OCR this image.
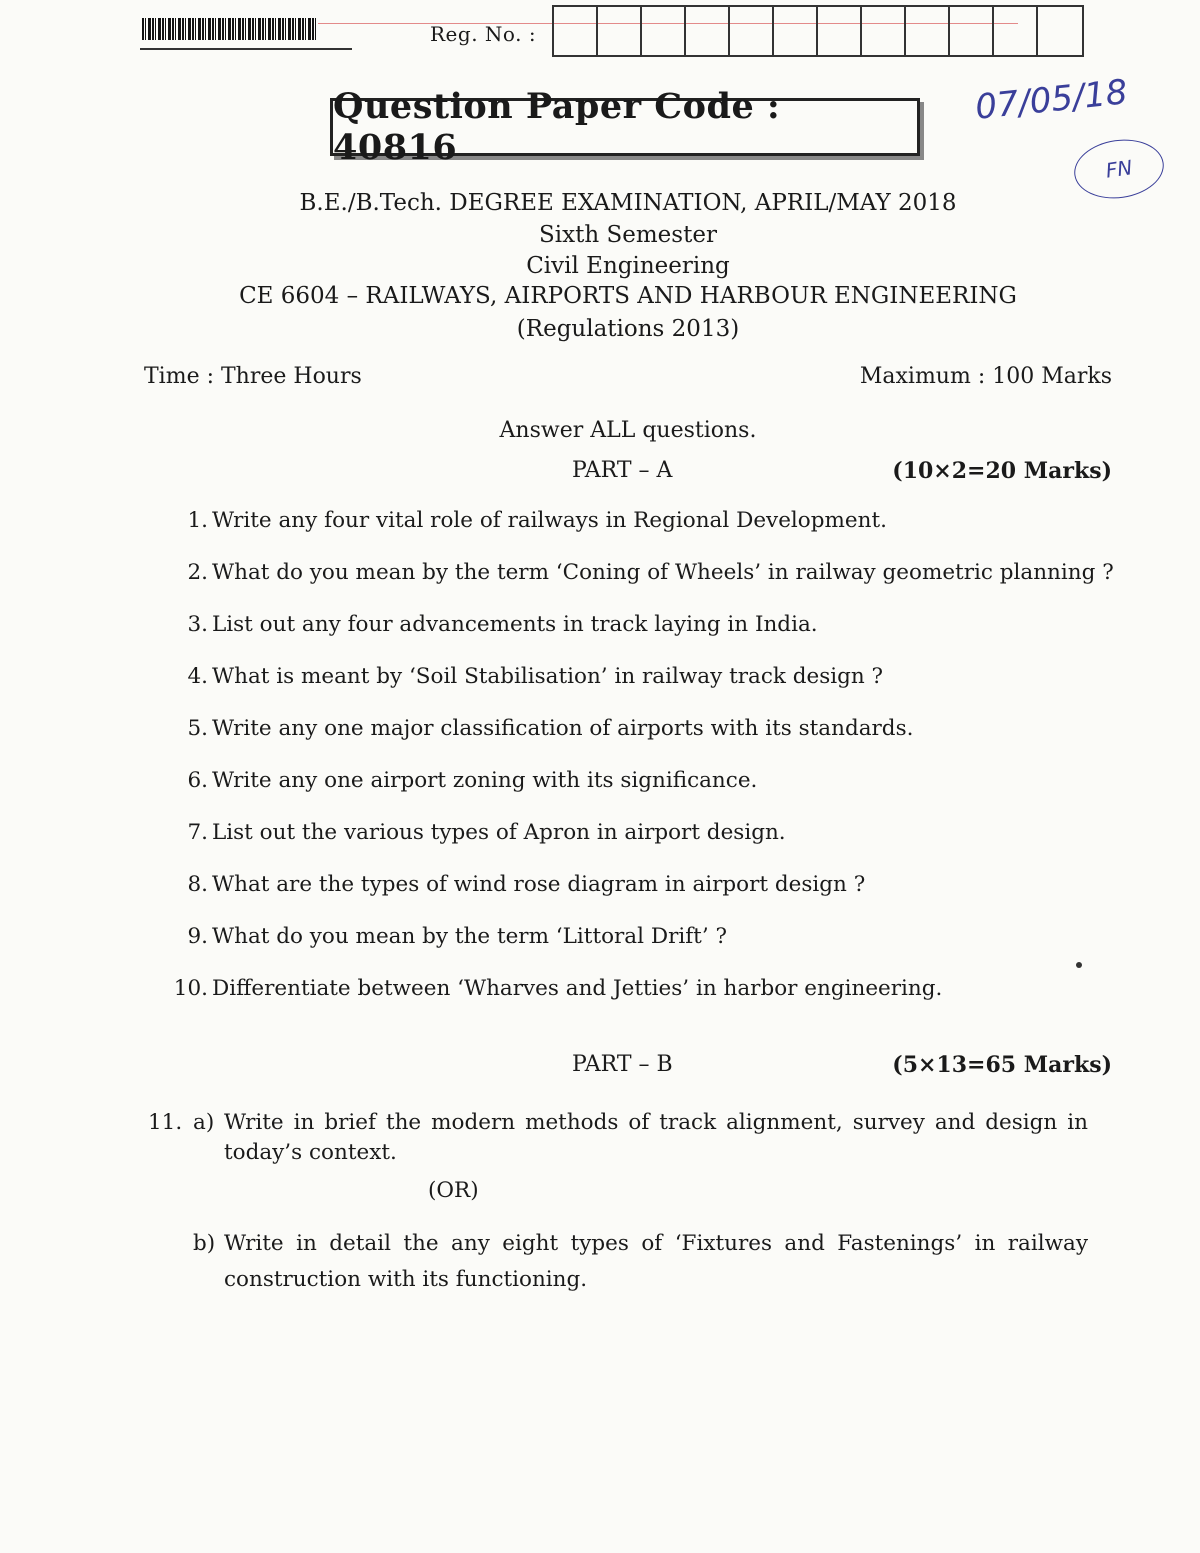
Reg. No. :
Question Paper Code : 40816
07/05/18
FN
B.E./B.Tech. DEGREE EXAMINATION, APRIL/MAY 2018
Sixth Semester
Civil Engineering
CE 6604 – RAILWAYS, AIRPORTS AND HARBOUR ENGINEERING
(Regulations 2013)
Time : Three Hours	Maximum : 100 Marks
Answer ALL questions.
PART – A	(10×2=20 Marks)
1. Write any four vital role of railways in Regional Development.
2. What do you mean by the term ‘Coning of Wheels’ in railway geometric planning ?
3. List out any four advancements in track laying in India.
4. What is meant by ‘Soil Stabilisation’ in railway track design ?
5. Write any one major classification of airports with its standards.
6. Write any one airport zoning with its significance.
7. List out the various types of Apron in airport design.
8. What are the types of wind rose diagram in airport design ?
9. What do you mean by the term ‘Littoral Drift’ ?
10. Differentiate between ‘Wharves and Jetties’ in harbor engineering.
PART – B	(5×13=65 Marks)
11. a) Write in brief the modern methods of track alignment, survey and design in today’s context.
(OR)
b) Write in detail the any eight types of ‘Fixtures and Fastenings’ in railway construction with its functioning.
